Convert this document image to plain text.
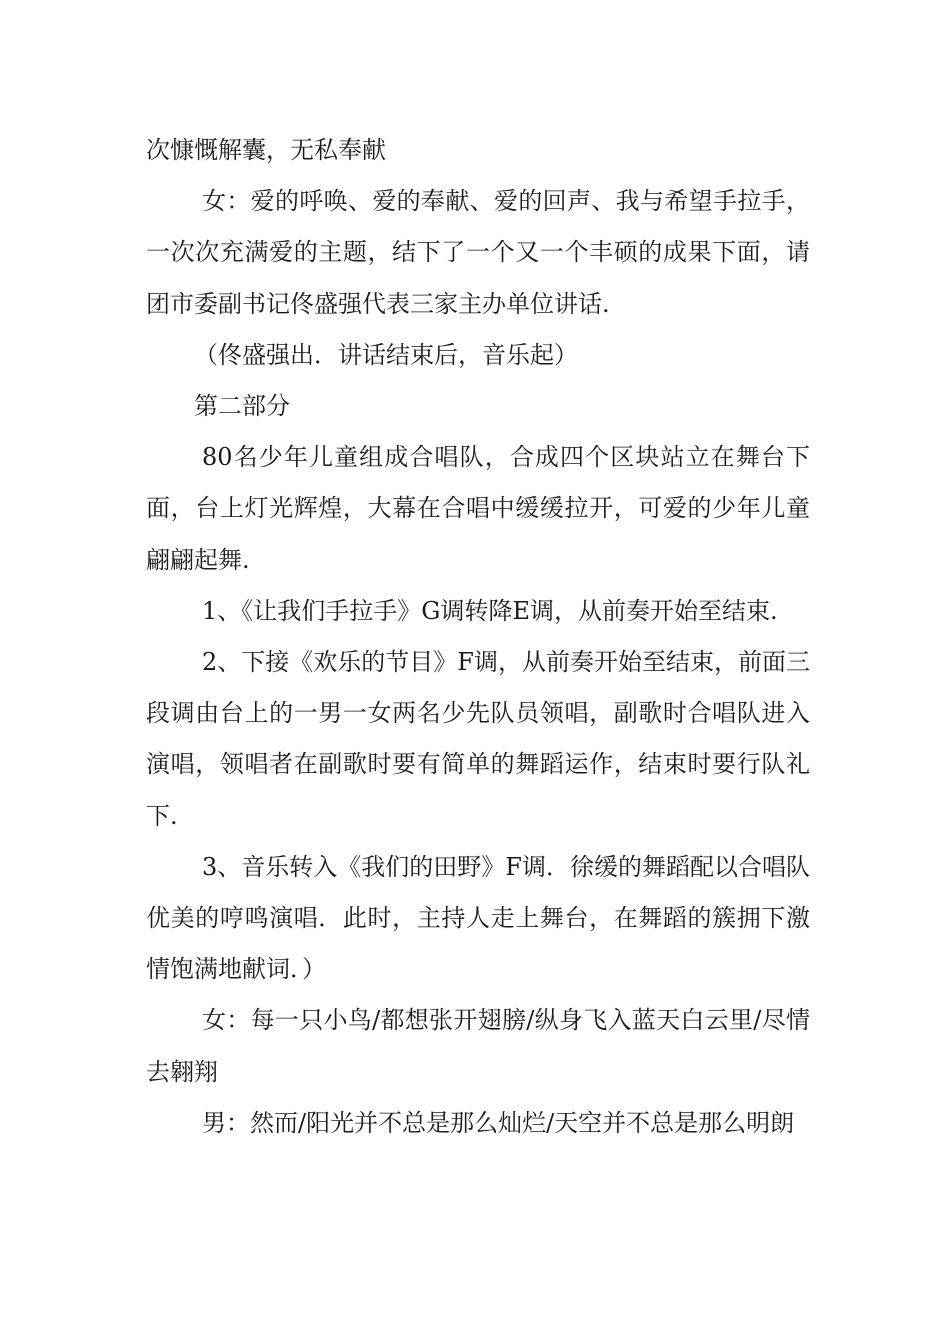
次慷慨解囊，无私奉献

女：爱的呼唤、爱的奉献、爱的回声、我与希望手拉手，一次次充满爱的主题，结下了一个又一个丰硕的成果下面，请团市委副书记佟盛强代表三家主办单位讲话.

（佟盛强出．讲话结束后，音乐起）

第二部分

80名少年儿童组成合唱队，合成四个区块站立在舞台下面，台上灯光辉煌，大幕在合唱中缓缓拉开，可爱的少年儿童翩翩起舞.

1、《让我们手拉手》G调转降E调，从前奏开始至结束.

2、下接《欢乐的节目》F调，从前奏开始至结束，前面三段调由台上的一男一女两名少先队员领唱，副歌时合唱队进入演唱，领唱者在副歌时要有简单的舞蹈运作，结束时要行队礼下.

3、音乐转入《我们的田野》F调．徐缓的舞蹈配以合唱队优美的哼鸣演唱．此时，主持人走上舞台，在舞蹈的簇拥下激情饱满地献词．）

女：每一只小鸟/都想张开翅膀/纵身飞入蓝天白云里/尽情去翱翔

男：然而/阳光并不总是那么灿烂/天空并不总是那么明朗
